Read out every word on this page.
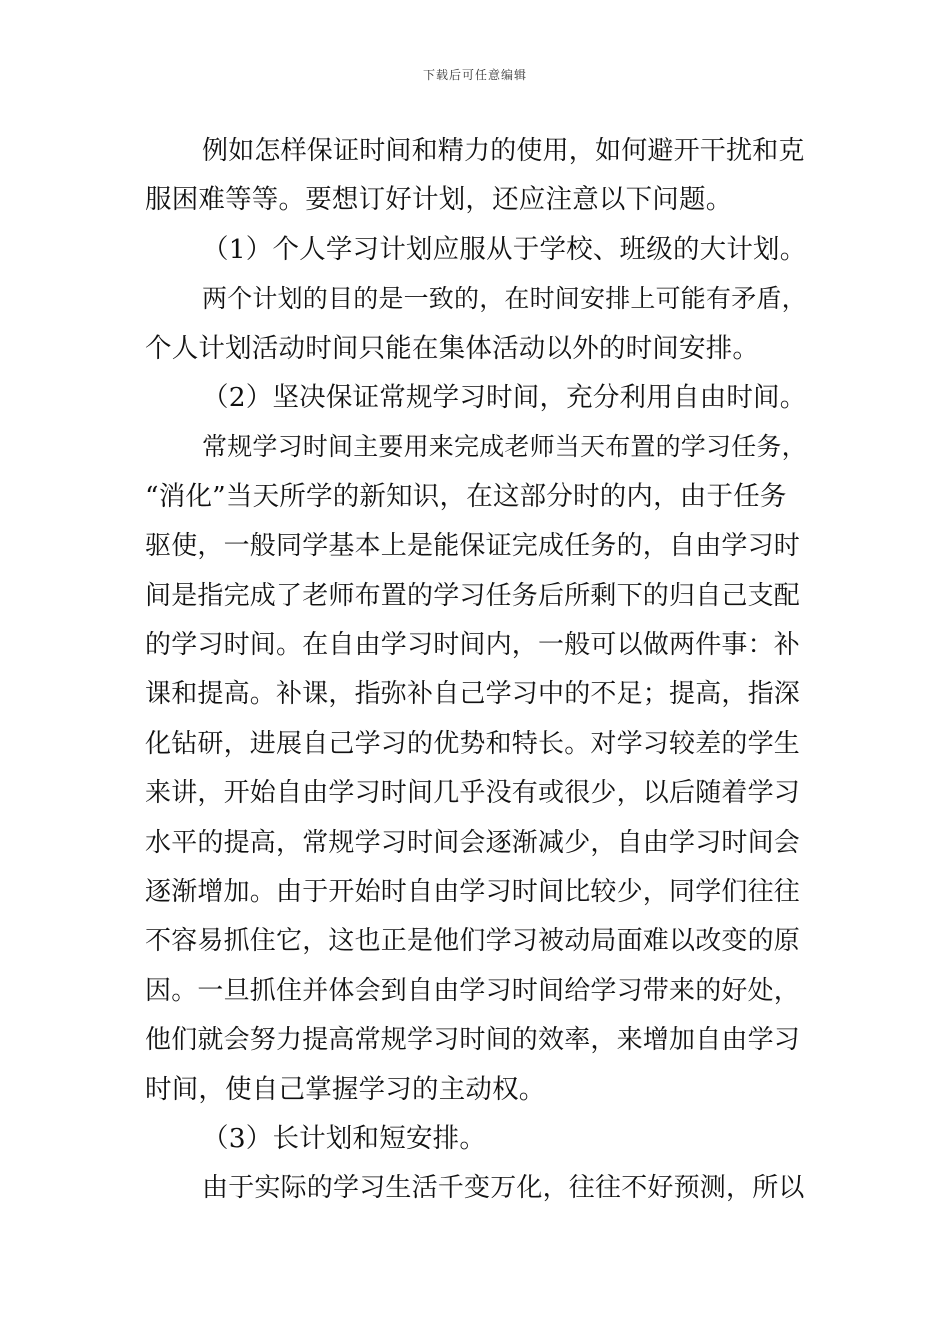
下载后可任意编辑
例如怎样保证时间和精力的使用，如何避开干扰和克
服困难等等。要想订好计划，还应注意以下问题。
（1）个人学习计划应服从于学校、班级的大计划。
两个计划的目的是一致的，在时间安排上可能有矛盾，
个人计划活动时间只能在集体活动以外的时间安排。
（2）坚决保证常规学习时间，充分利用自由时间。
常规学习时间主要用来完成老师当天布置的学习任务，
“消化”当天所学的新知识，在这部分时的内，由于任务
驱使，一般同学基本上是能保证完成任务的，自由学习时
间是指完成了老师布置的学习任务后所剩下的归自己支配
的学习时间。在自由学习时间内，一般可以做两件事：补
课和提高。补课，指弥补自己学习中的不足；提高，指深
化钻研，进展自己学习的优势和特长。对学习较差的学生
来讲，开始自由学习时间几乎没有或很少，以后随着学习
水平的提高，常规学习时间会逐渐减少，自由学习时间会
逐渐增加。由于开始时自由学习时间比较少，同学们往往
不容易抓住它，这也正是他们学习被动局面难以改变的原
因。一旦抓住并体会到自由学习时间给学习带来的好处，
他们就会努力提高常规学习时间的效率，来增加自由学习
时间，使自己掌握学习的主动权。
（3）长计划和短安排。
由于实际的学习生活千变万化，往往不好预测，所以
